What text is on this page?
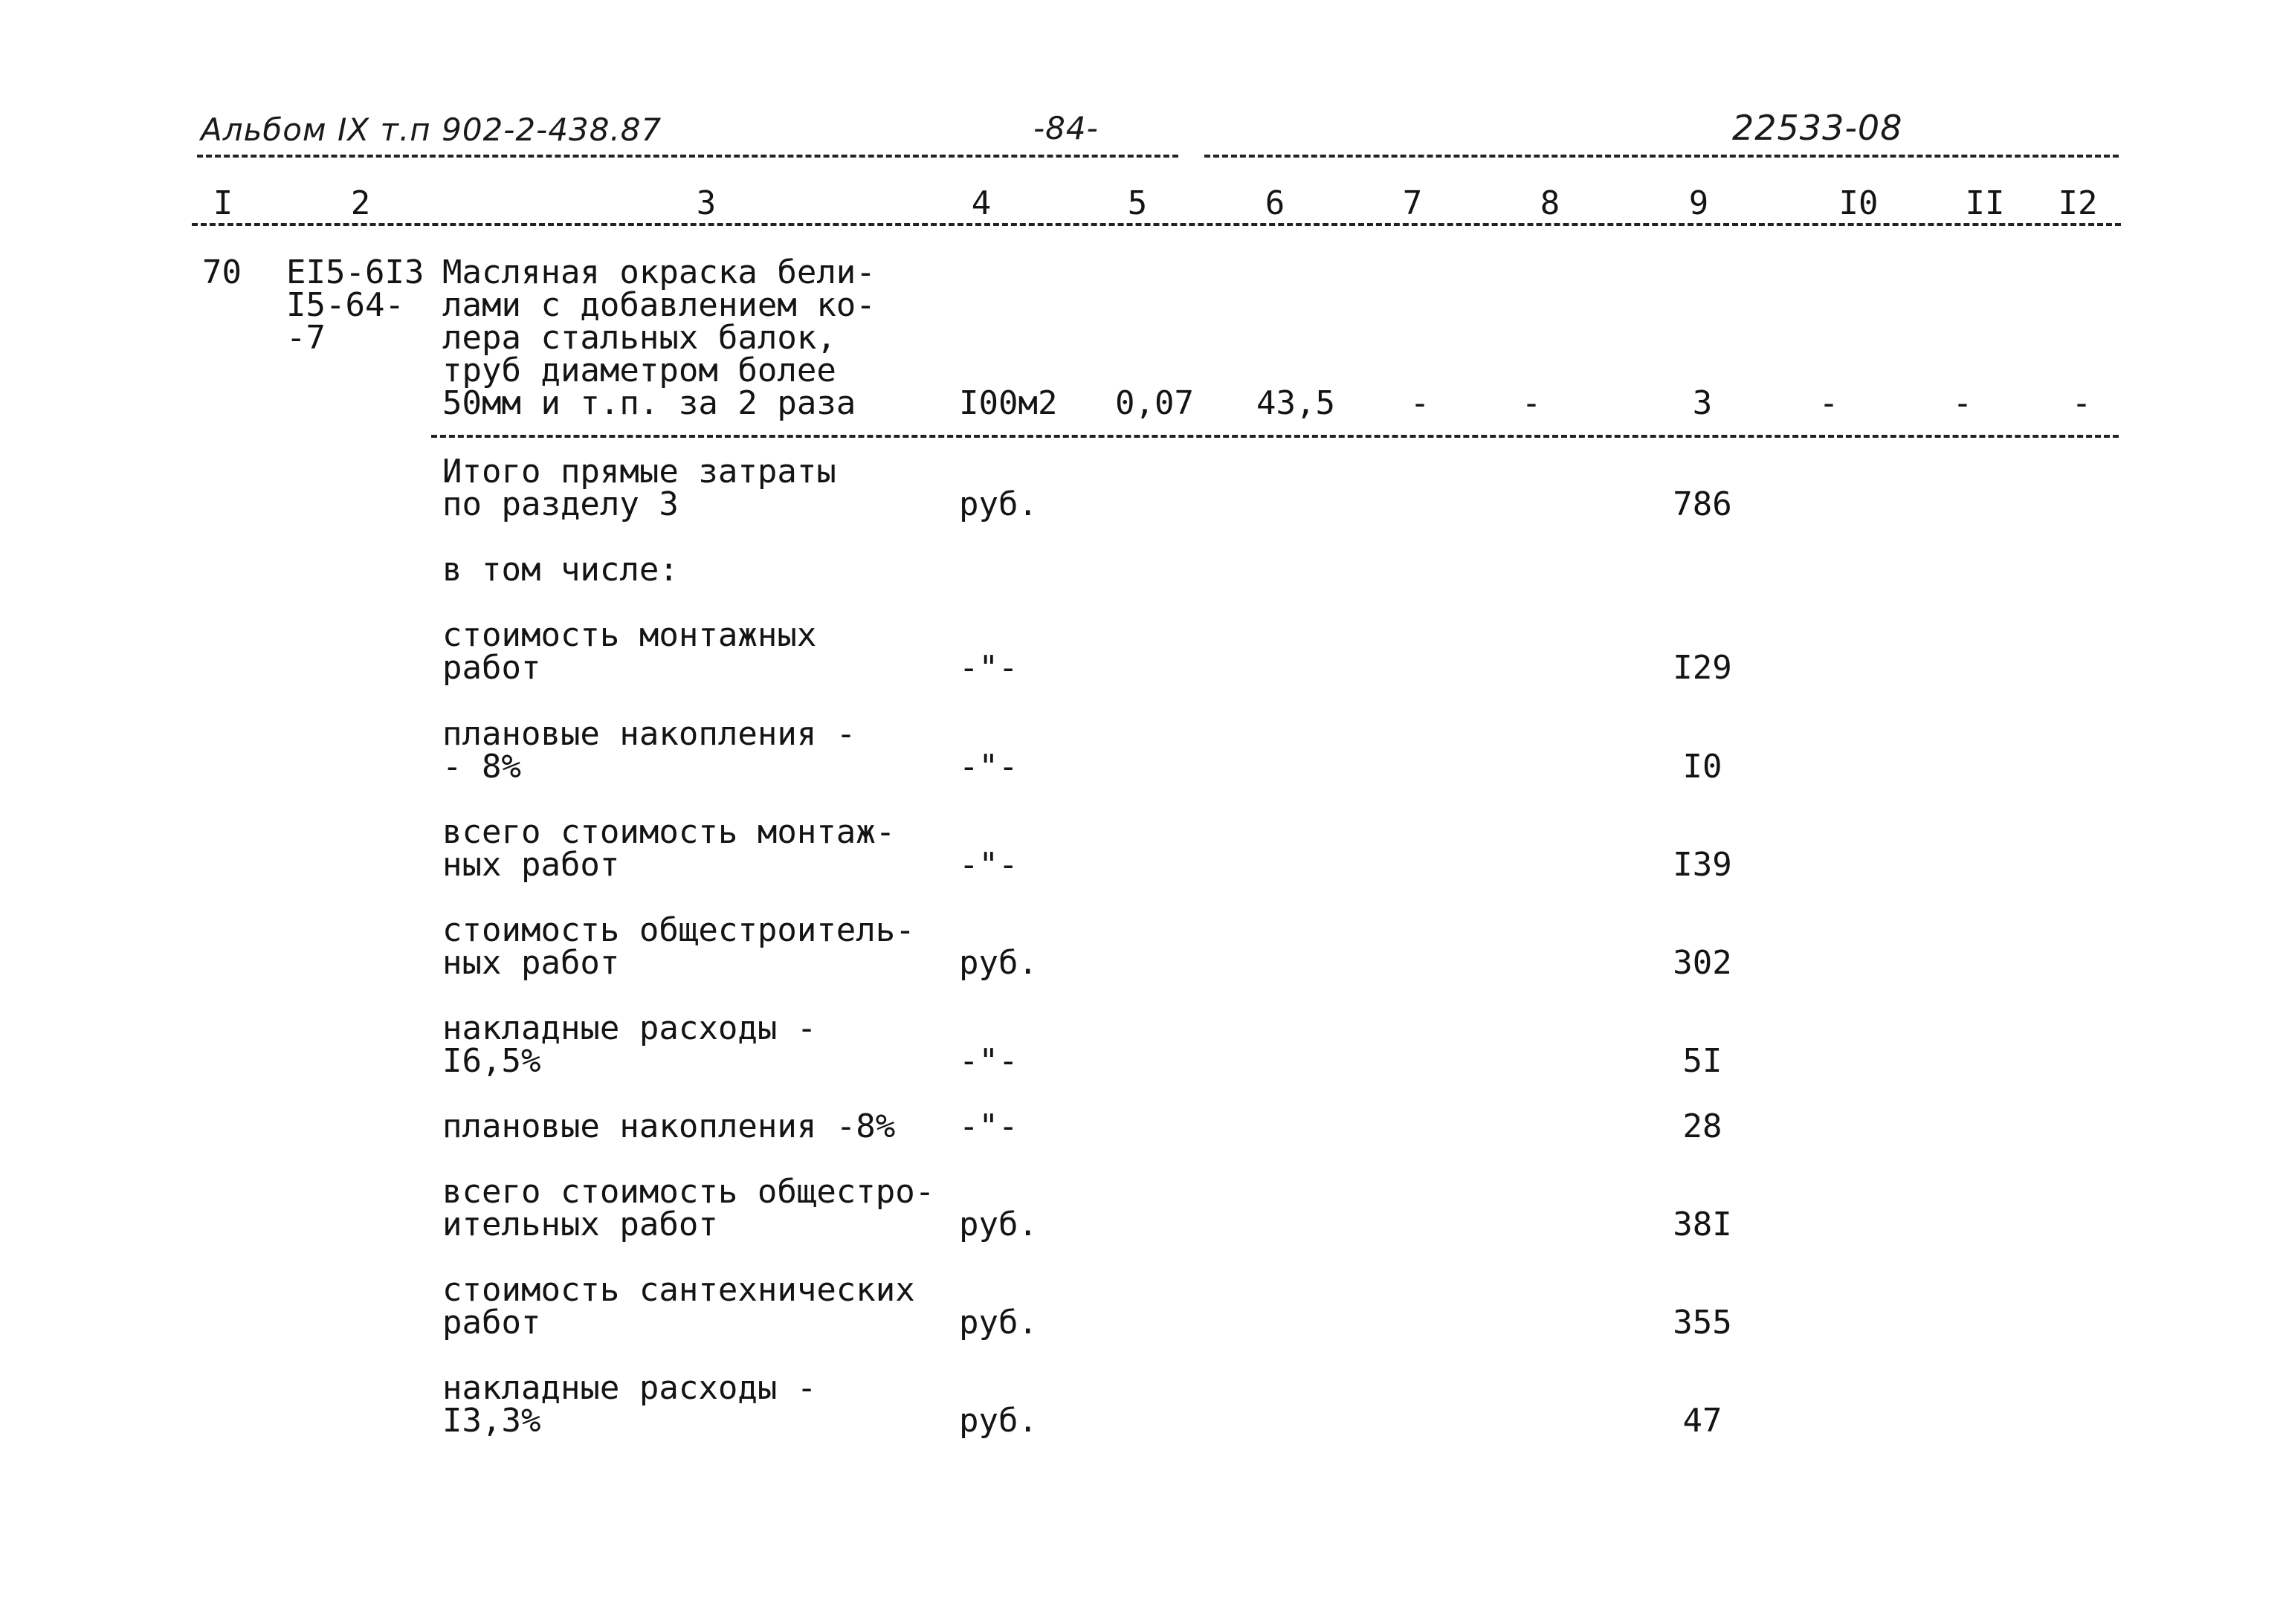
Альбом IX т.п 902-2-438.87	-84-	22533-08
I	2	3	4	5	6	7	8	9	I0	II	I2
70 EI5-6I3
I5-64-
-7
Масляная окраска бели-
лами с добавлением ко-
лера стальных балок,
труб диаметром более
50мм и т.п. за 2 раза	I00м2 0,07 43,5 -	-	3	-	-	-
Итого прямые затраты
по разделу 3	руб.	786
в том числе:
стоимость монтажных
работ	-"-	I29
плановые накопления -
- 8%	-"-	I0
всего стоимость монтаж-
ных работ	-"-	I39
стоимость общестроитель-
ных работ	руб.	302
накладные расходы -
I6,5%	-"-	5I
плановые накопления -8% -"-	28
всего стоимость общестро-
ительных работ	руб.	38I
стоимость сантехнических
работ	руб.	355
накладные расходы -
I3,3%	руб.	47
